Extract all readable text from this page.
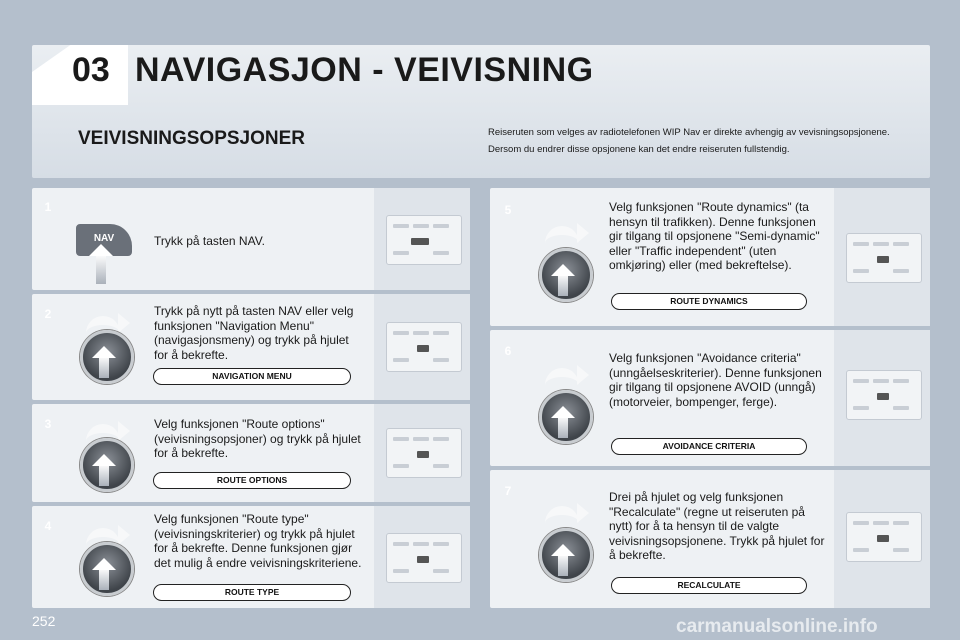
03 NAVIGASJON - VEIVISNING
VEIVISNINGSOPSJONER	Reiseruten som velges av radiotelefonen WIP Nav er direkte avhengig av vevisningsopsjonene. Dersom du endrer disse opsjonene kan det endre reiseruten fullstendig.
1
2
3
4
5
6
7
NAV	Trykk på tasten NAV.
Trykk på nytt på tasten NAV eller velg funksjonen "Navigation Menu" (navigasjonsmeny) og trykk på hjulet for å bekrefte.
Velg funksjonen "Route options" (veivisningsopsjoner) og trykk på hjulet for å bekrefte.
Velg funksjonen "Route type" (veivisningskriterier) og trykk på hjulet for å bekrefte. Denne funksjonen gjør det mulig å endre veivisningskriteriene.
Velg funksjonen "Route dynamics" (ta hensyn til trafikken). Denne funksjonen gir tilgang til opsjonene "Semi-dynamic" eller "Traffic independent" (uten omkjøring) eller (med bekreftelse).
Velg funksjonen "Avoidance criteria" (unngåelseskriterier). Denne funksjonen gir tilgang til opsjonene AVOID (unngå) (motorveier, bompenger, ferge).
Drei på hjulet og velg funksjonen "Recalculate" (regne ut reiseruten på nytt) for å ta hensyn til de valgte veivisningsopsjonene. Trykk på hjulet for å bekrefte.
NAVIGATION MENU
ROUTE OPTIONS
ROUTE TYPE
ROUTE DYNAMICS
AVOIDANCE CRITERIA
RECALCULATE
252	carmanualsonline.info
